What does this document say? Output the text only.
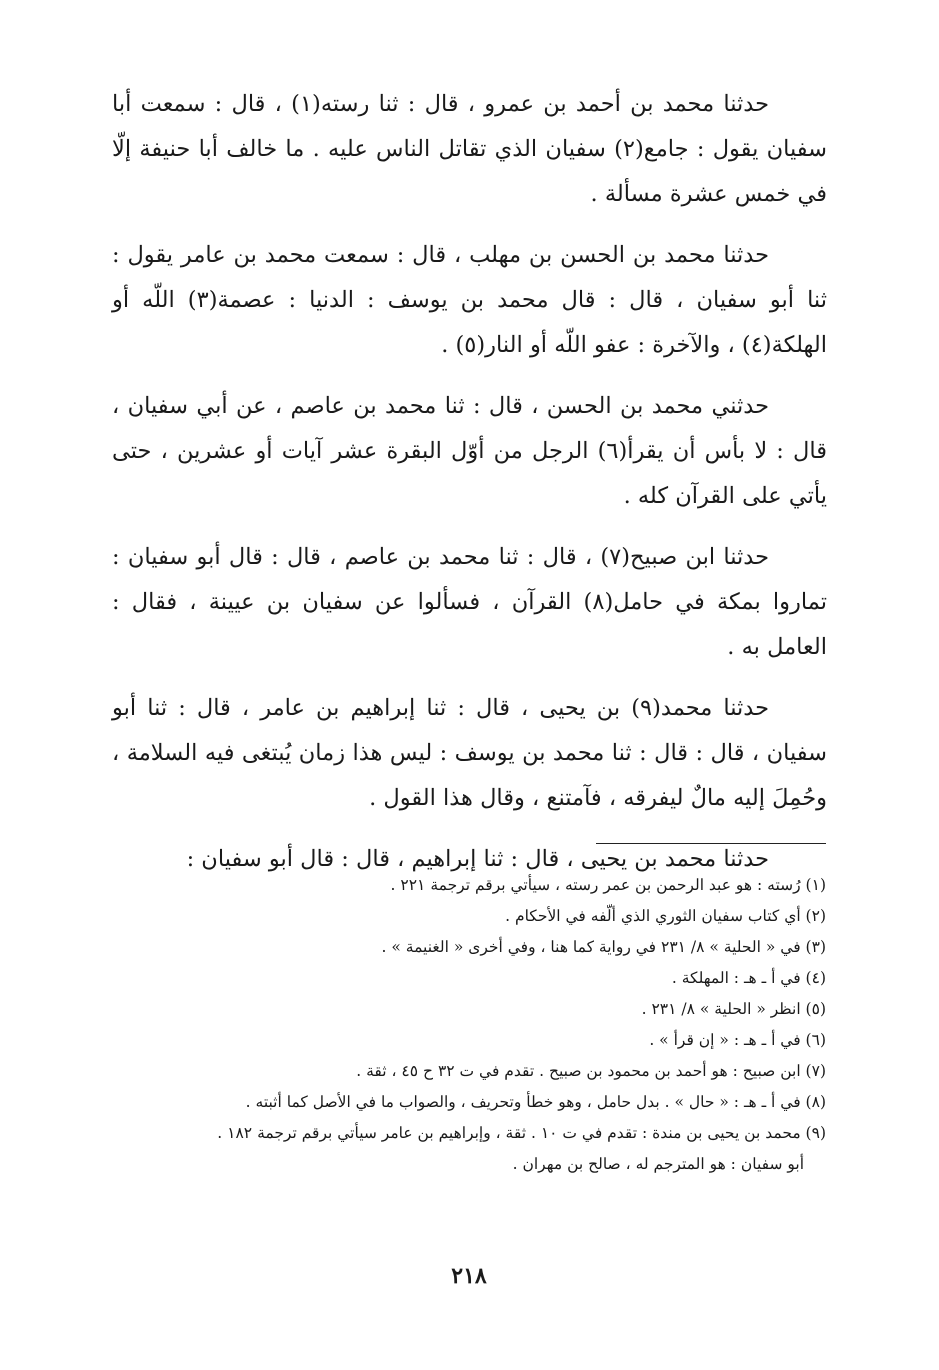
حدثنا محمد بن أحمد بن عمرو ، قال : ثنا رسته(١) ، قال : سمعت أبا سفيان يقول : جامع(٢) سفيان الذي تقاتل الناس عليه . ما خالف أبا حنيفة إلّا في خمس عشرة مسألة .

حدثنا محمد بن الحسن بن مهلب ، قال : سمعت محمد بن عامر يقول : ثنا أبو سفيان ، قال : قال محمد بن يوسف : الدنيا : عصمة(٣) اللّه أو الهلكة(٤) ، والآخرة : عفو اللّه أو النار(٥) .

حدثني محمد بن الحسن ، قال : ثنا محمد بن عاصم ، عن أبي سفيان ، قال : لا بأس أن يقرأ(٦) الرجل من أوّل البقرة عشر آيات أو عشرين ، حتى يأتي على القرآن كله .

حدثنا ابن صبيح(٧) ، قال : ثنا محمد بن عاصم ، قال : قال أبو سفيان : تماروا بمكة في حامل(٨) القرآن ، فسألوا عن سفيان بن عيينة ، فقال : العامل به .

حدثنا محمد(٩) بن يحيى ، قال : ثنا إبراهيم بن عامر ، قال : ثنا أبو سفيان ، قال : قال : ثنا محمد بن يوسف : ليس هذا زمان يُبتغى فيه السلامة ، وحُمِلَ إليه مالٌ ليفرقه ، فآمتنع ، وقال هذا القول .

حدثنا محمد بن يحيى ، قال : ثنا إبراهيم ، قال : قال أبو سفيان :

(١) رُسته : هو عبد الرحمن بن عمر رسته ، سيأتي برقم ترجمة ٢٢١ .

(٢) أي كتاب سفيان الثوري الذي ألّفه في الأحكام .

(٣) في « الحلية » ٨/ ٢٣١ في رواية كما هنا ، وفي أخرى « الغنيمة » .

(٤) في أ ـ هـ : المهلكة .

(٥) انظر « الحلية » ٨/ ٢٣١ .

(٦) في أ ـ هـ : « إن قرأ » .

(٧) ابن صبيح : هو أحمد بن محمود بن صبيح . تقدم في ت ٣٢ ح ٤٥ ، ثقة .

(٨) في أ ـ هـ : « حال » . بدل حامل ، وهو خطأ وتحريف ، والصواب ما في الأصل كما أثبته .

(٩) محمد بن يحيى بن مندة : تقدم في ت ١٠ . ثقة ، وإبراهيم بن عامر سيأتي برقم ترجمة ١٨٢ .

أبو سفيان : هو المترجم له ، صالح بن مهران .

٢١٨
